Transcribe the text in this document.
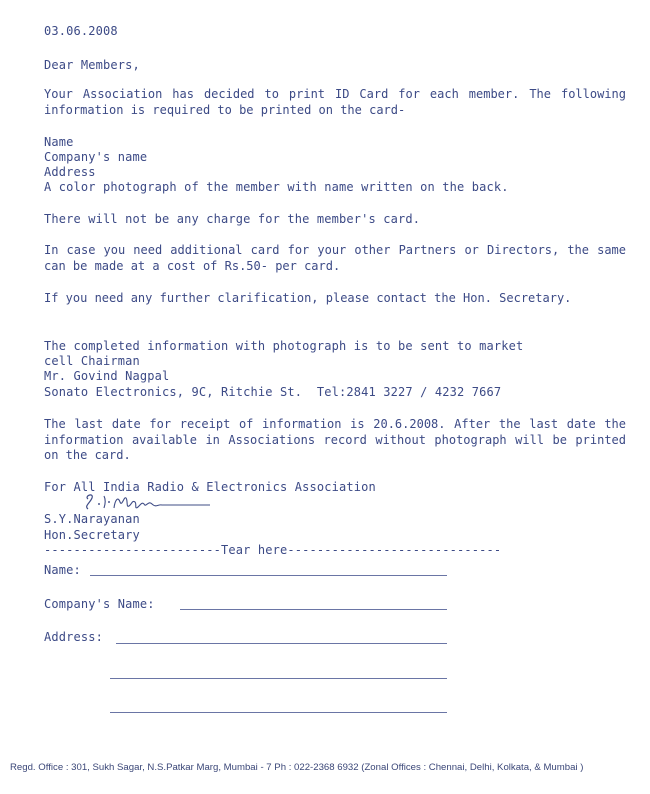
03.06.2008
Dear Members,
Your Association has decided to print ID Card for each member. The following information is required to be printed on the card-
Name
Company's name
Address
A color photograph of the member with name written on the back.
There will not be any charge for the member's card.
In case you need additional card for your other Partners or Directors, the same can be made at a cost of Rs.50- per card.
If you need any further clarification, please contact the Hon. Secretary.
The completed information with photograph is to be sent to market
cell Chairman
Mr. Govind Nagpal
Sonato Electronics, 9C, Ritchie St.  Tel:2841 3227 / 4232 7667
The last date for receipt of information is 20.6.2008. After the last date the information available in Associations record without photograph will be printed on the card.
For All India Radio & Electronics Association
S.Y.Narayanan
Hon.Secretary
------------------------Tear here-----------------------------
Name:
Company's Name:
Address:
Regd. Office : 301, Sukh Sagar, N.S.Patkar Marg, Mumbai - 7 Ph : 022-2368 6932 (Zonal Offices : Chennai, Delhi, Kolkata, & Mumbai )
